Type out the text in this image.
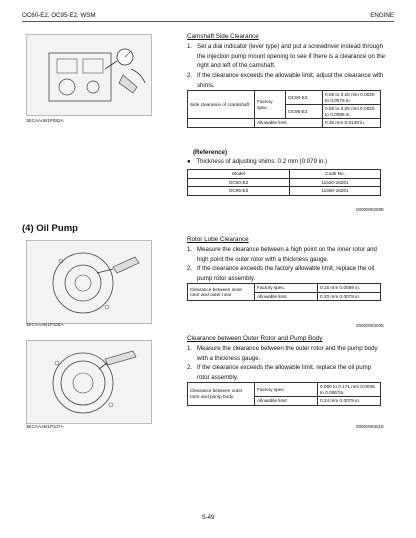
OC60-E2, OC95-E2, WSM	ENGINE
3ECAAAB1P082A
Camshaft Side Clearance
1. Set a dial indicator (lever type) and put a screwdriver instead through the injection pump mount opening to see if there is a clearance on the right and left of the camshaft.
2. If the clearance exceeds the allowable limit, adjust the clearance with shims.
Side clearance of crankshaft	Factory spec.	OC60-E2	0.05 to 0.20 mm 0.0020 to 0.0079 in.
		OC95-E2	0.05 to 0.25 mm 0.0020 to 0.0098 in.
	Allowable limit		0.35 mm 0.0138 in.
(Reference)
● Thickness of adjusting shims: 0.2 mm (0.079 in.)
Model	Code No.
OC60-E2	11420-16261
OC95-E2	11460-16261
0000009299E
(4) Oil Pump
3ECAAAB1P106A
Rotor Lobe Clearance
1. Measure the clearance between a high point on the inner rotor and high point the outer rotor with a thickness gauge.
2. If the clearance exceeds the factory allowable limit, replace the oil pump rotor assembly.
Clearance between inner rotor and outer rotor	Factory spec.	0.15 mm 0.0059 in.
	Allowable limit	0.20 mm 0.0079 in.
0000009300E
3ECAAAB1P107A
Clearance between Outer Rotor and Pump Body
1. Measure the clearance between the outer rotor and the pump body with a thickness gauge.
2. If the clearance exceeds the allowable limit, replace the oil pump rotor assembly.
Clearance between outer rotor and pump body	Factory spec.	0.090 to 0.171 mm 0.0035 to 0.0067in.
	Allowable limit	0.24 mm 0.0079 in.
0000009301E
S-49
